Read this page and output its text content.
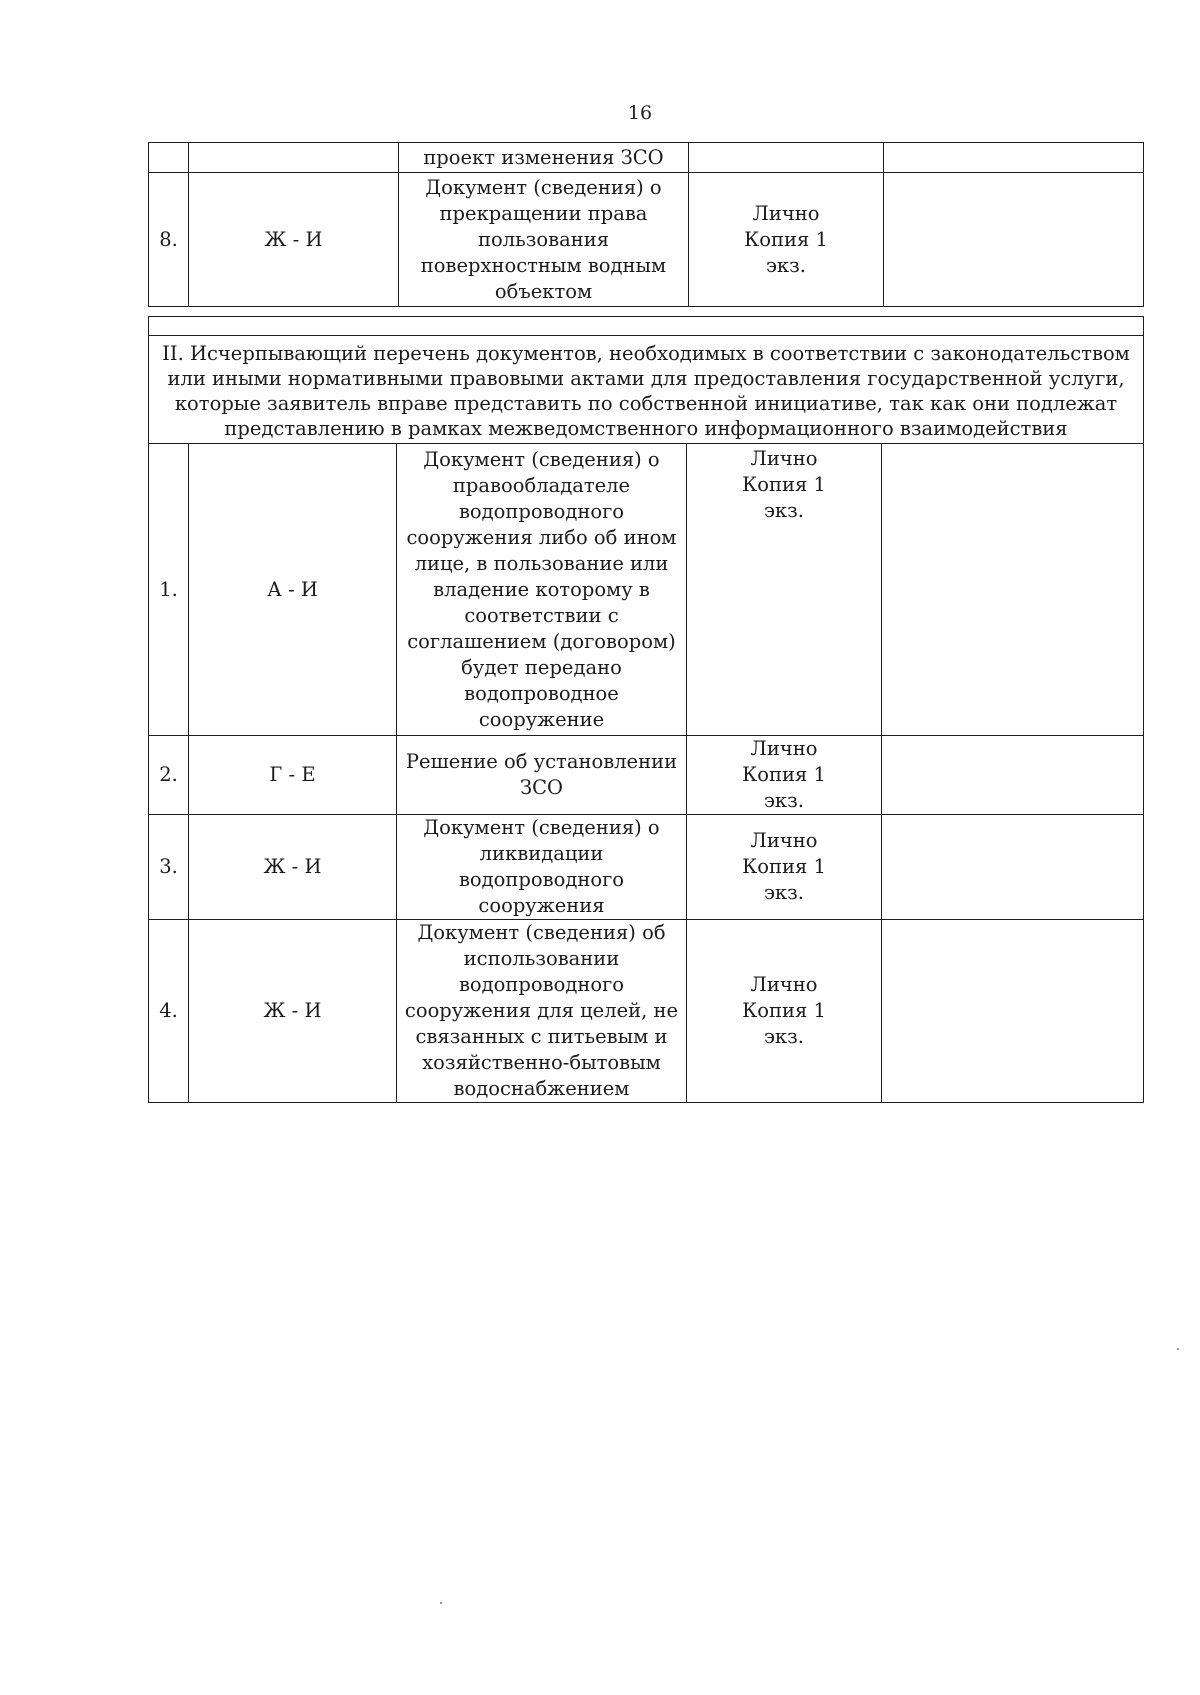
16
		проект изменения ЗСО		
8.	Ж - И	Документ (сведения) о прекращении права пользования поверхностным водным объектом	Лично Копия 1 экз.	

II. Исчерпывающий перечень документов, необходимых в соответствии с законодательством или иными нормативными правовыми актами для предоставления государственной услуги, которые заявитель вправе представить по собственной инициативе, так как они подлежат представлению в рамках межведомственного информационного взаимодействия				
1.	А - И	Документ (сведения) о правообладателе водопроводного сооружения либо об ином лице, в пользование или владение которому в соответствии с соглашением (договором) будет передано водопроводное сооружение	Лично Копия 1 экз.	
2.	Г - Е	Решение об установлении ЗСО	Лично Копия 1 экз.	
3.	Ж - И	Документ (сведения) о ликвидации водопроводного сооружения	Лично Копия 1 экз.	
4.	Ж - И	Документ (сведения) об использовании водопроводного сооружения для целей, не связанных с питьевым и хозяйственно-бытовым водоснабжением	Лично Копия 1 экз.	
